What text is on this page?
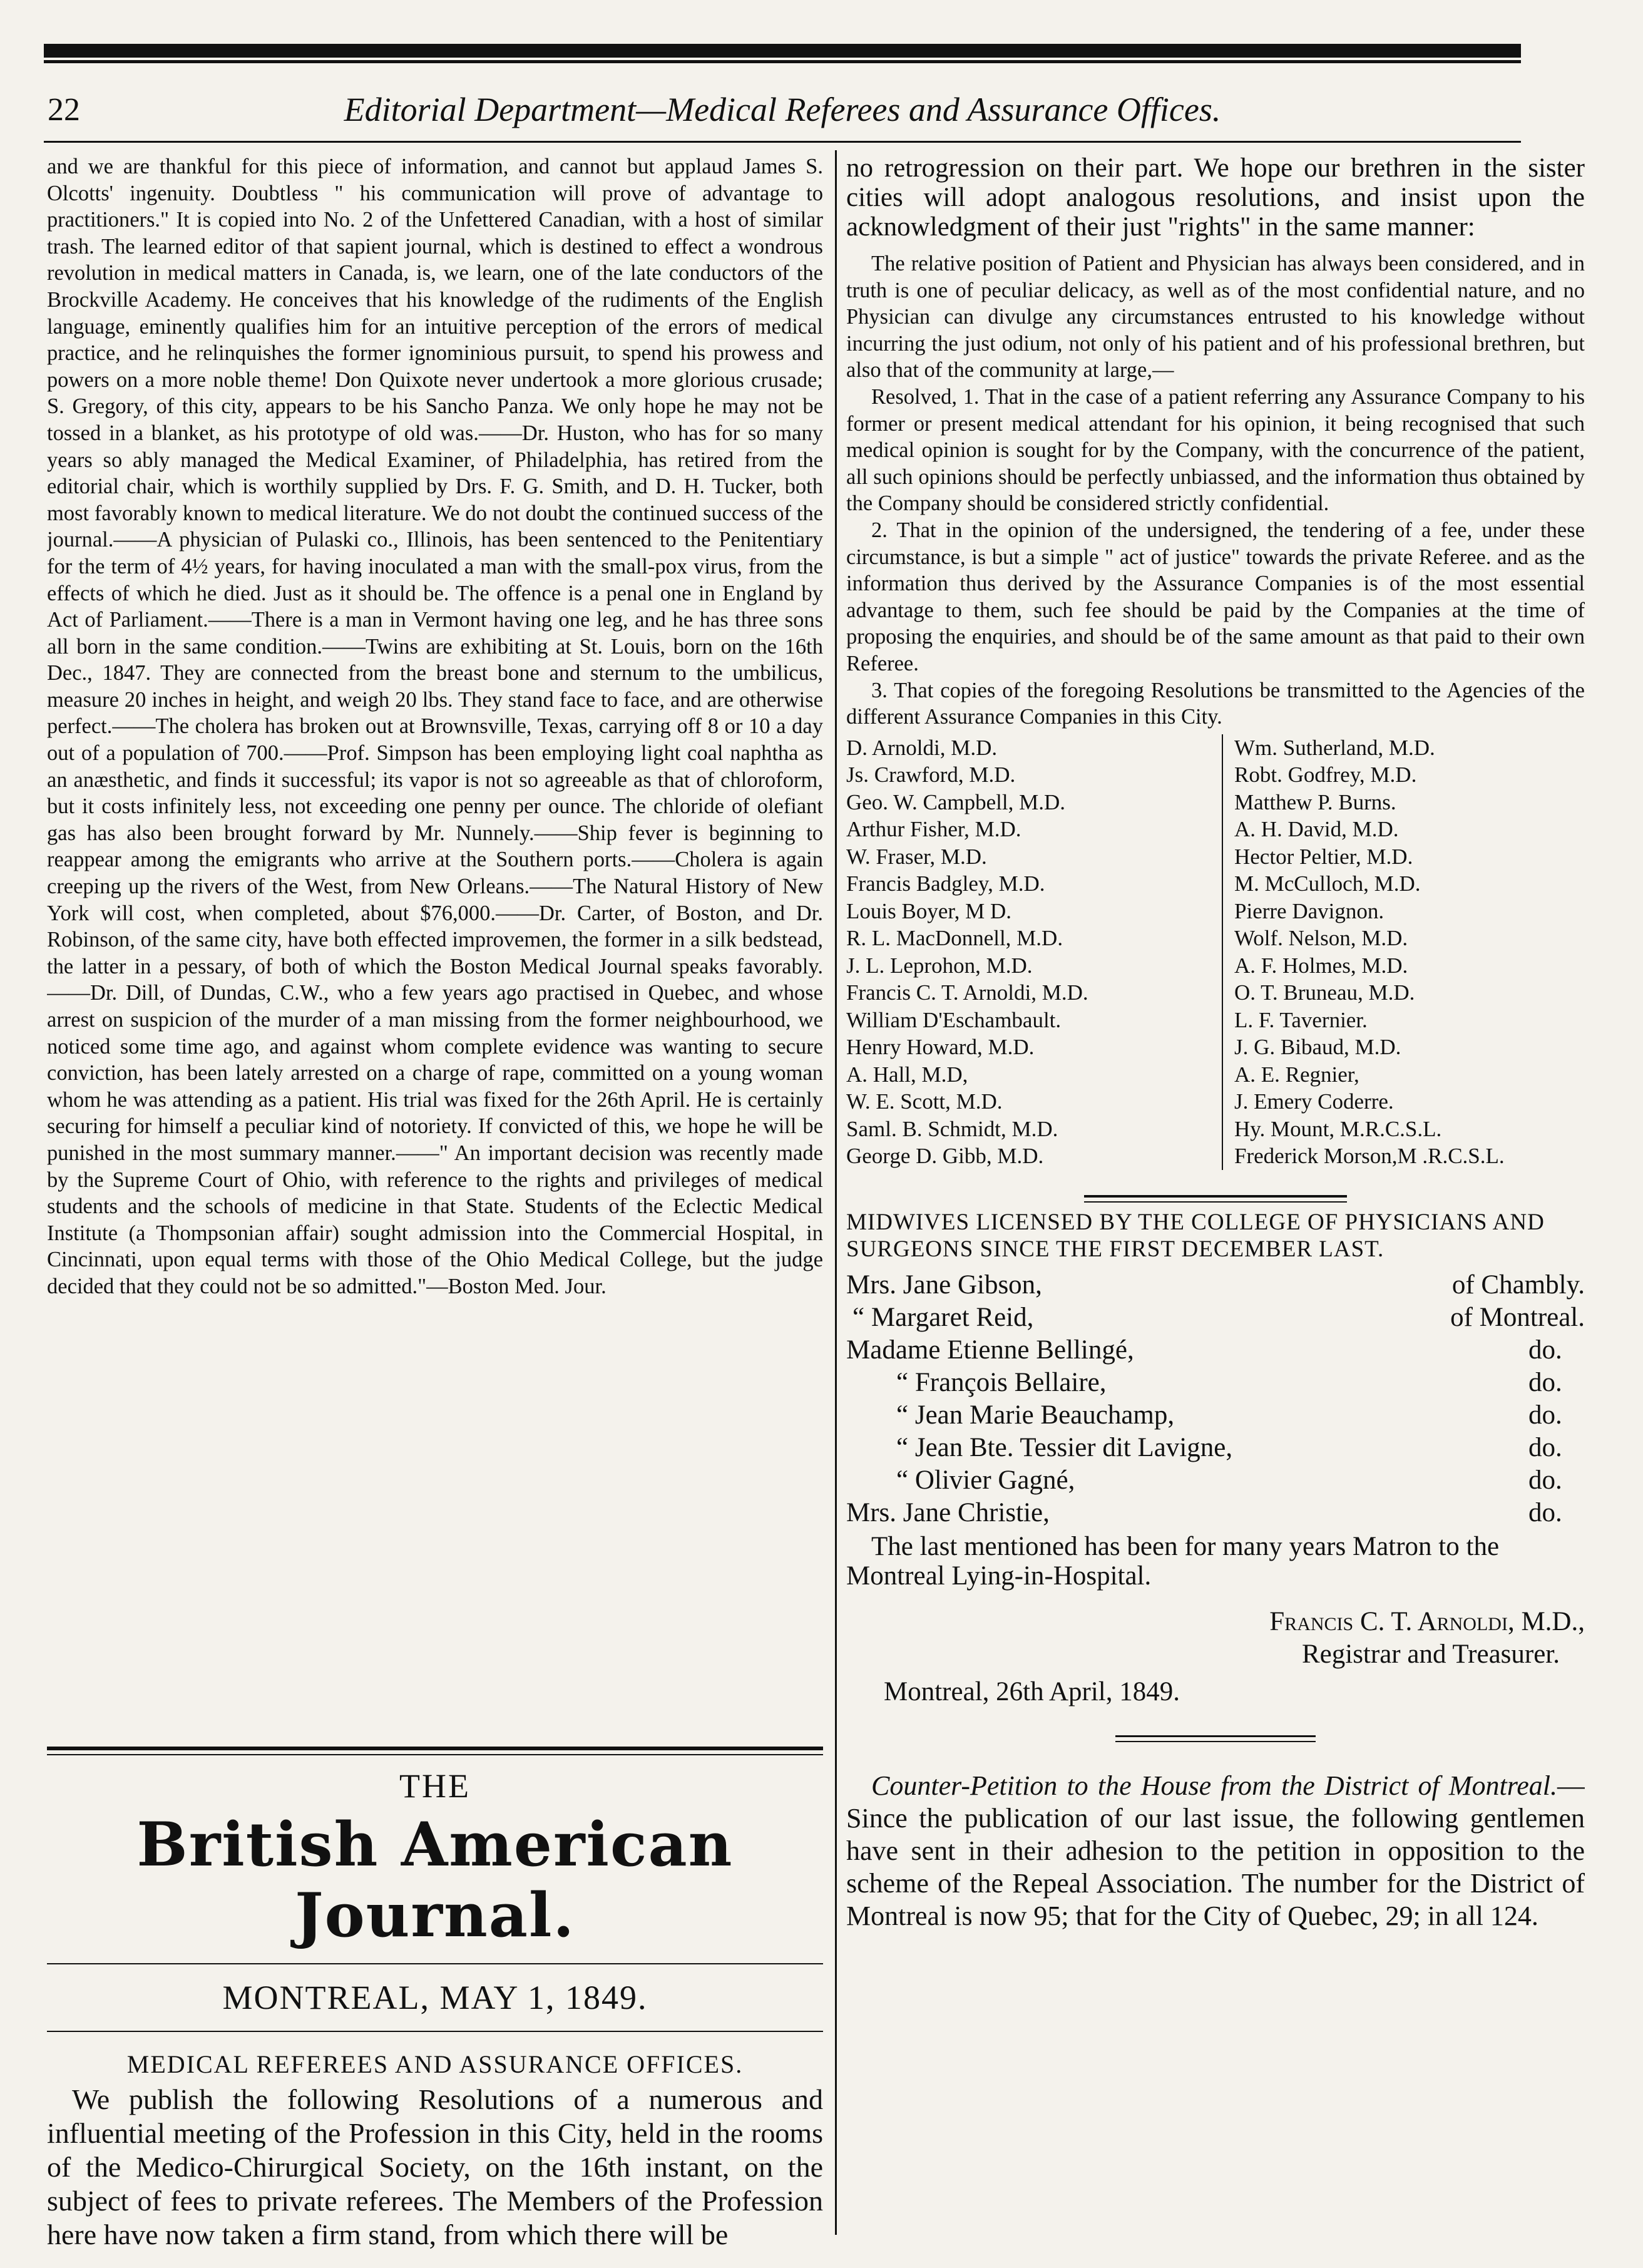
22	Editorial Department—Medical Referees and Assurance Offices.

and we are thankful for this piece of information, and cannot but applaud James S. Olcotts' ingenuity. Doubtless " his communication will prove of advantage to practitioners." It is copied into No. 2 of the Unfettered Canadian, with a host of similar trash. The learned editor of that sapient journal, which is destined to effect a wondrous revolution in medical matters in Canada, is, we learn, one of the late conductors of the Brockville Academy. He conceives that his knowledge of the rudiments of the English language, eminently qualifies him for an intuitive perception of the errors of medical practice, and he relinquishes the former ignominious pursuit, to spend his prowess and powers on a more noble theme! Don Quixote never undertook a more glorious crusade; S. Gregory, of this city, appears to be his Sancho Panza. We only hope he may not be tossed in a blanket, as his prototype of old was.——Dr. Huston, who has for so many years so ably managed the Medical Examiner, of Philadelphia, has retired from the editorial chair, which is worthily supplied by Drs. F. G. Smith, and D. H. Tucker, both most favorably known to medical literature. We do not doubt the continued success of the journal.——A physician of Pulaski co., Illinois, has been sentenced to the Penitentiary for the term of 4½ years, for having inoculated a man with the small-pox virus, from the effects of which he died. Just as it should be. The offence is a penal one in England by Act of Parliament.——There is a man in Vermont having one leg, and he has three sons all born in the same condition.——Twins are exhibiting at St. Louis, born on the 16th Dec., 1847. They are connected from the breast bone and sternum to the umbilicus, measure 20 inches in height, and weigh 20 lbs. They stand face to face, and are otherwise perfect.——The cholera has broken out at Brownsville, Texas, carrying off 8 or 10 a day out of a population of 700.——Prof. Simpson has been employing light coal naphtha as an anæsthetic, and finds it successful; its vapor is not so agreeable as that of chloroform, but it costs infinitely less, not exceeding one penny per ounce. The chloride of olefiant gas has also been brought forward by Mr. Nunnely.——Ship fever is beginning to reappear among the emigrants who arrive at the Southern ports.——Cholera is again creeping up the rivers of the West, from New Orleans.——The Natural History of New York will cost, when completed, about $76,000.——Dr. Carter, of Boston, and Dr. Robinson, of the same city, have both effected improvemen, the former in a silk bedstead, the latter in a pessary, of both of which the Boston Medical Journal speaks favorably.——Dr. Dill, of Dundas, C.W., who a few years ago practised in Quebec, and whose arrest on suspicion of the murder of a man missing from the former neighbourhood, we noticed some time ago, and against whom complete evidence was wanting to secure conviction, has been lately arrested on a charge of rape, committed on a young woman whom he was attending as a patient. His trial was fixed for the 26th April. He is certainly securing for himself a peculiar kind of notoriety. If convicted of this, we hope he will be punished in the most summary manner.——" An important decision was recently made by the Supreme Court of Ohio, with reference to the rights and privileges of medical students and the schools of medicine in that State. Students of the Eclectic Medical Institute (a Thompsonian affair) sought admission into the Commercial Hospital, in Cincinnati, upon equal terms with those of the Ohio Medical College, but the judge decided that they could not be so admitted."—Boston Med. Jour.

THE
British American Journal.
MONTREAL, MAY 1, 1849.
MEDICAL REFEREES AND ASSURANCE OFFICES.
We publish the following Resolutions of a numerous and influential meeting of the Profession in this City, held in the rooms of the Medico-Chirurgical Society, on the 16th instant, on the subject of fees to private referees. The Members of the Profession here have now taken a firm stand, from which there will be
no retrogression on their part. We hope our brethren in the sister cities will adopt analogous resolutions, and insist upon the acknowledgment of their just "rights" in the same manner:

The relative position of Patient and Physician has always been considered, and in truth is one of peculiar delicacy, as well as of the most confidential nature, and no Physician can divulge any circumstances entrusted to his knowledge without incurring the just odium, not only of his patient and of his professional brethren, but also that of the community at large,—

Resolved, 1. That in the case of a patient referring any Assurance Company to his former or present medical attendant for his opinion, it being recognised that such medical opinion is sought for by the Company, with the concurrence of the patient, all such opinions should be perfectly unbiassed, and the information thus obtained by the Company should be considered strictly confidential.

2. That in the opinion of the undersigned, the tendering of a fee, under these circumstance, is but a simple " act of justice" towards the private Referee. and as the information thus derived by the Assurance Companies is of the most essential advantage to them, such fee should be paid by the Companies at the time of proposing the enquiries, and should be of the same amount as that paid to their own Referee.

3. That copies of the foregoing Resolutions be transmitted to the Agencies of the different Assurance Companies in this City.

D. Arnoldi, M.D.
Js. Crawford, M.D.
Geo. W. Campbell, M.D.
Arthur Fisher, M.D.
W. Fraser, M.D.
Francis Badgley, M.D.
Louis Boyer, M D.
R. L. MacDonnell, M.D.
J. L. Leprohon, M.D.
Francis C. T. Arnoldi, M.D.
William D'Eschambault.
Henry Howard, M.D.
A. Hall, M.D,
W. E. Scott, M.D.
Saml. B. Schmidt, M.D.
George D. Gibb, M.D.
Wm. Sutherland, M.D.
Robt. Godfrey, M.D.
Matthew P. Burns.
A. H. David, M.D.
Hector Peltier, M.D.
M. McCulloch, M.D.
Pierre Davignon.
Wolf. Nelson, M.D.
A. F. Holmes, M.D.
O. T. Bruneau, M.D.
L. F. Tavernier.
J. G. Bibaud, M.D.
A. E. Regnier,
J. Emery Coderre.
Hy. Mount, M.R.C.S.L.
Frederick Morson,M .R.C.S.L.
MIDWIVES LICENSED BY THE COLLEGE OF PHYSICIANS AND SURGEONS SINCE THE FIRST DECEMBER LAST.
Mrs. Jane Gibson,	of Chambly.
“ Margaret Reid,	of Montreal.
Madame Etienne Bellingé,	do.
“ François Bellaire,	do.
“ Jean Marie Beauchamp,	do.
“ Jean Bte. Tessier dit Lavigne,	do.
“ Olivier Gagné,	do.
Mrs. Jane Christie,	do.
The last mentioned has been for many years Matron to the Montreal Lying-in-Hospital.
Francis C. T. Arnoldi, M.D.,
Registrar and Treasurer.
Montreal, 26th April, 1849.
Counter-Petition to the House from the District of Montreal.—Since the publication of our last issue, the following gentlemen have sent in their adhesion to the petition in opposition to the scheme of the Repeal Association. The number for the District of Montreal is now 95; that for the City of Quebec, 29; in all 124.
